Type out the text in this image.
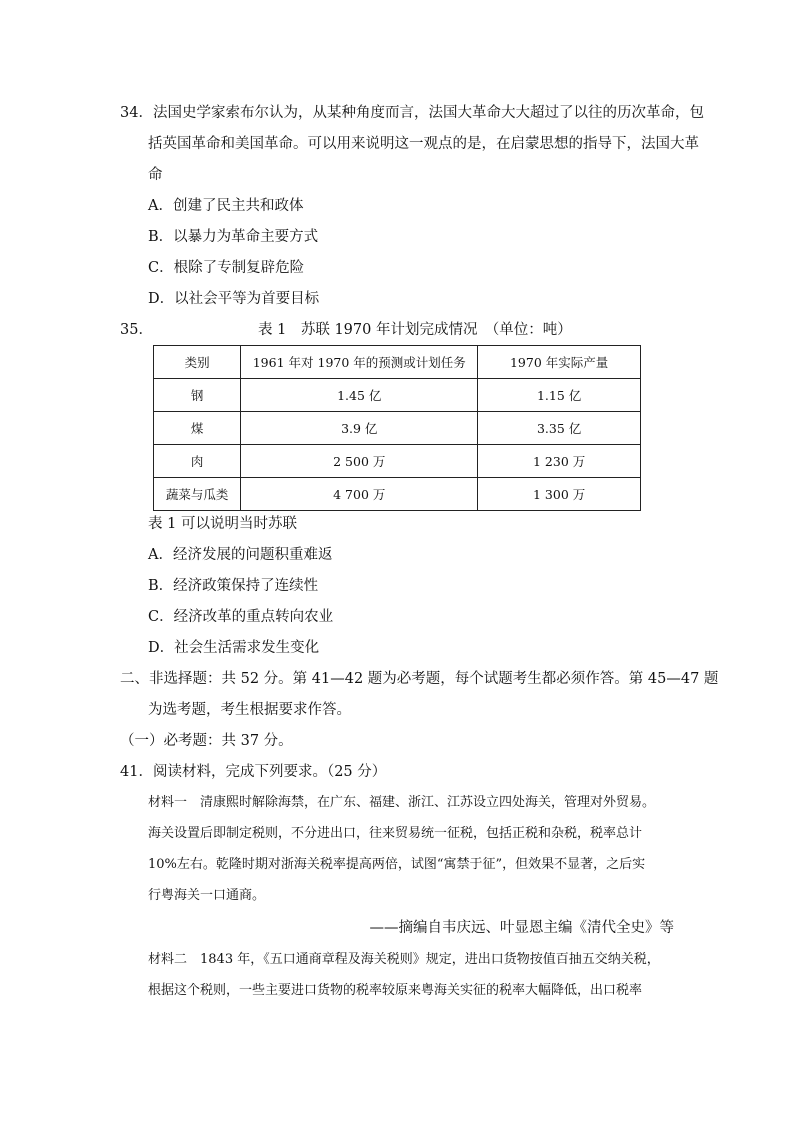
34．法国史学家索布尔认为，从某种角度而言，法国大革命大大超过了以往的历次革命，包
括英国革命和美国革命。可以用来说明这一观点的是，在启蒙思想的指导下，法国大革
命
A．创建了民主共和政体
B．以暴力为革命主要方式
C．根除了专制复辟危险
D．以社会平等为首要目标
35．	表 1　苏联 1970 年计划完成情况　（单位：吨）
类别	1961 年对 1970 年的预测或计划任务	1970 年实际产量
钢	1.45 亿	1.15 亿
煤	3.9 亿	3.35 亿
肉	2 500 万	1 230 万
蔬菜与瓜类	4 700 万	1 300 万
表 1 可以说明当时苏联
A．经济发展的问题积重难返
B．经济政策保持了连续性
C．经济改革的重点转向农业
D．社会生活需求发生变化
二、非选择题：共 52 分。第 41—42 题为必考题，每个试题考生都必须作答。第 45—47 题
为选考题，考生根据要求作答。
（一）必考题：共 37 分。
41．阅读材料，完成下列要求。（25 分）
材料一　清康熙时解除海禁，在广东、福建、浙江、江苏设立四处海关，管理对外贸易。
海关设置后即制定税则，不分进出口，往来贸易统一征税，包括正税和杂税，税率总计
10%左右。乾隆时期对浙海关税率提高两倍，试图“寓禁于征”，但效果不显著，之后实
行粤海关一口通商。
——摘编自韦庆远、叶显恩主编《清代全史》等
材料二　1843 年，《五口通商章程及海关税则》规定，进出口货物按值百抽五交纳关税，
根据这个税则，一些主要进口货物的税率较原来粤海关实征的税率大幅降低，出口税率
